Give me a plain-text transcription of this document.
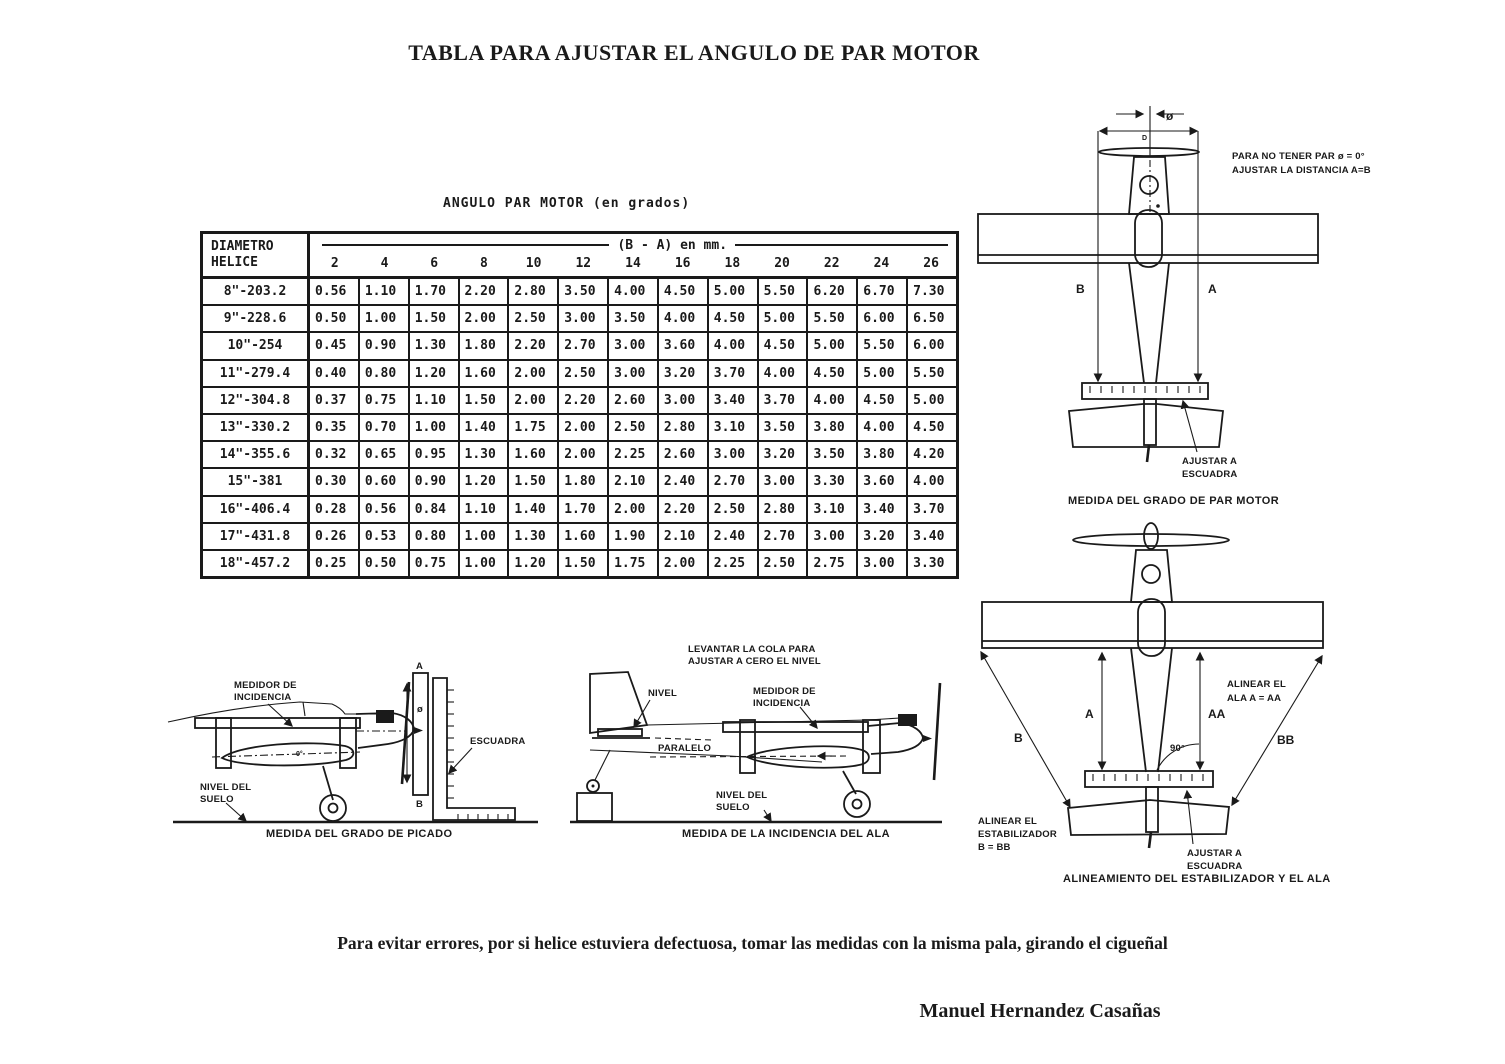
TABLA PARA AJUSTAR EL ANGULO DE PAR MOTOR
ANGULO PAR MOTOR (en grados)
DIAMETRO
HELICE
(B - A) en mm.
2	4	6	8	10	12	14	16	18	20	22	24	26
8"-203.2	0.56	1.10	1.70	2.20	2.80	3.50	4.00	4.50	5.00	5.50	6.20	6.70	7.30
9"-228.6	0.50	1.00	1.50	2.00	2.50	3.00	3.50	4.00	4.50	5.00	5.50	6.00	6.50
10"-254	0.45	0.90	1.30	1.80	2.20	2.70	3.00	3.60	4.00	4.50	5.00	5.50	6.00
11"-279.4	0.40	0.80	1.20	1.60	2.00	2.50	3.00	3.20	3.70	4.00	4.50	5.00	5.50
12"-304.8	0.37	0.75	1.10	1.50	2.00	2.20	2.60	3.00	3.40	3.70	4.00	4.50	5.00
13"-330.2	0.35	0.70	1.00	1.40	1.75	2.00	2.50	2.80	3.10	3.50	3.80	4.00	4.50
14"-355.6	0.32	0.65	0.95	1.30	1.60	2.00	2.25	2.60	3.00	3.20	3.50	3.80	4.20
15"-381	0.30	0.60	0.90	1.20	1.50	1.80	2.10	2.40	2.70	3.00	3.30	3.60	4.00
16"-406.4	0.28	0.56	0.84	1.10	1.40	1.70	2.00	2.20	2.50	2.80	3.10	3.40	3.70
17"-431.8	0.26	0.53	0.80	1.00	1.30	1.60	1.90	2.10	2.40	2.70	3.00	3.20	3.40
18"-457.2	0.25	0.50	0.75	1.00	1.20	1.50	1.75	2.00	2.25	2.50	2.75	3.00	3.30
ø
D
PARA NO TENER PAR ø = 0°
AJUSTAR LA DISTANCIA A=B
B	A
AJUSTAR A
ESCUADRA
MEDIDA DEL GRADO DE PAR MOTOR
ALINEAR EL
ALA A = AA
A	AA
B	BB
90°
ALINEAR EL
ESTABILIZADOR
B = BB
AJUSTAR A
ESCUADRA
ALINEAMIENTO DEL ESTABILIZADOR Y EL ALA
MEDIDOR DE
INCIDENCIA
0°
NIVEL DEL
SUELO
A
B
ø
ESCUADRA
MEDIDA DEL GRADO DE PICADO
LEVANTAR LA COLA PARA
AJUSTAR A CERO EL NIVEL
NIVEL	MEDIDOR DE
INCIDENCIA
PARALELO
NIVEL DEL
SUELO
MEDIDA DE LA INCIDENCIA DEL ALA
Para evitar errores, por si helice estuviera defectuosa, tomar las medidas con la misma pala, girando el cigueñal
Manuel Hernandez Casañas
